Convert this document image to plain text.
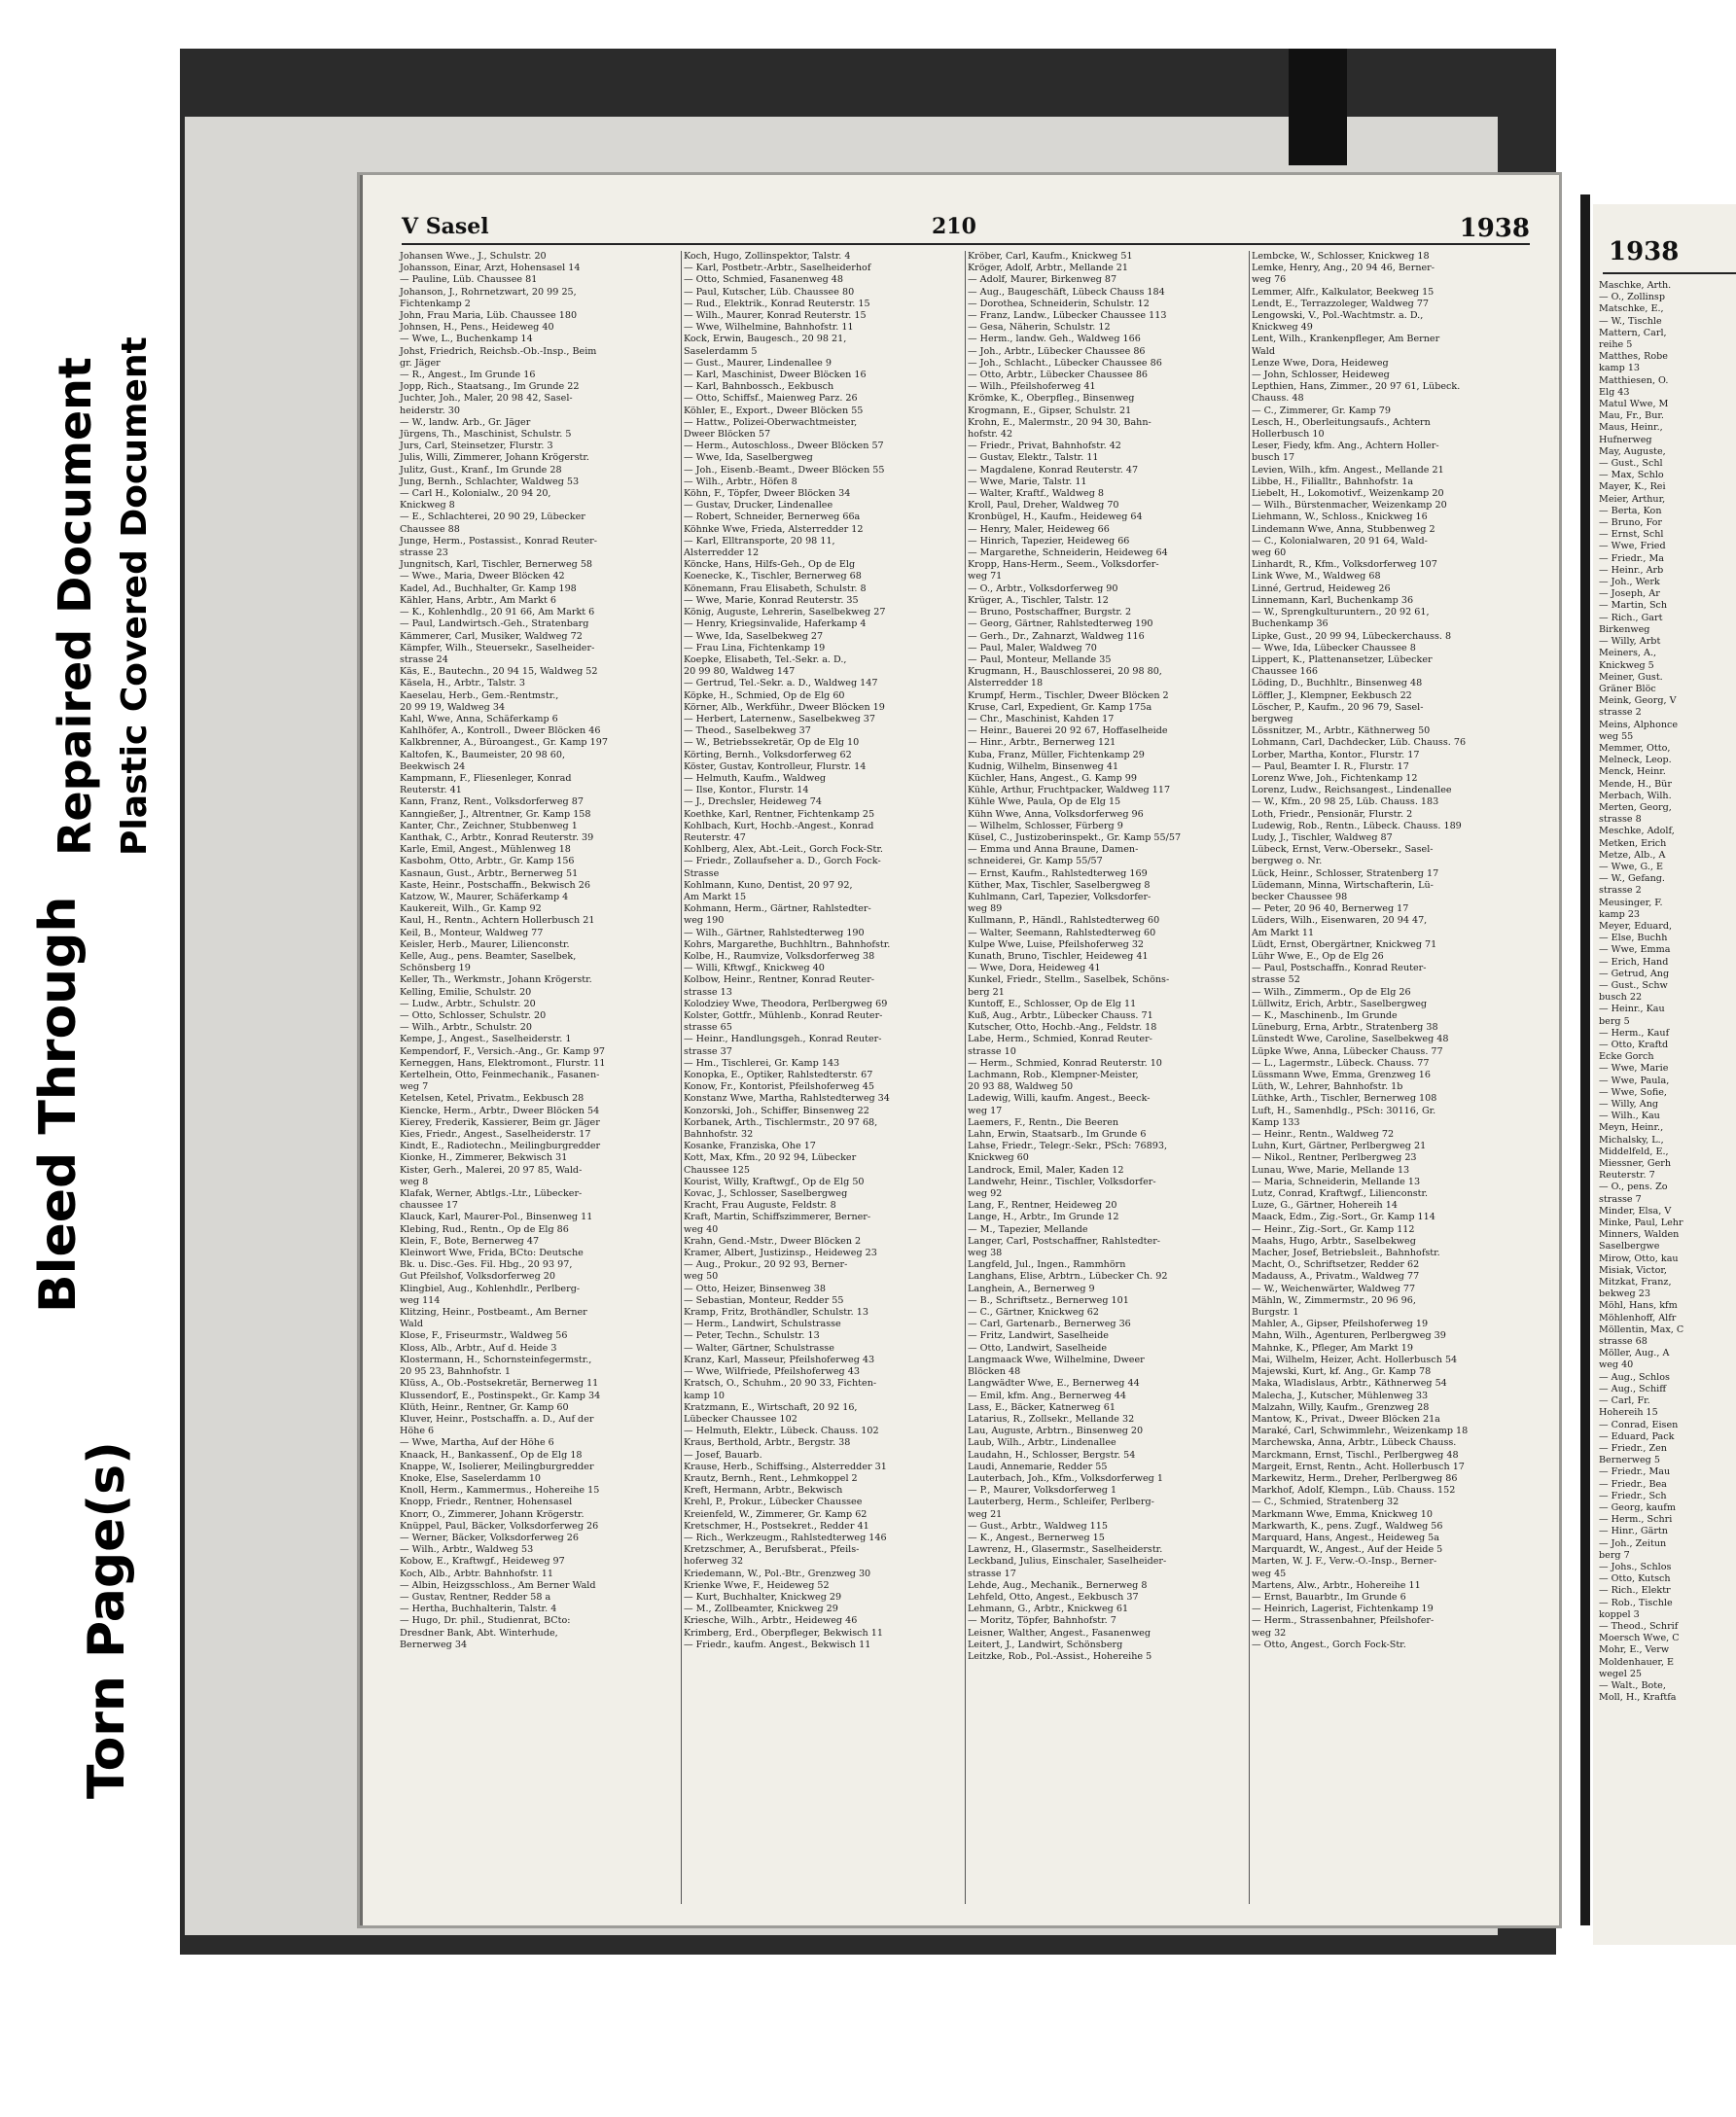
Bleed Through
Repaired Document Plastic Covered Document
Torn Page(s)
V Sasel	210	1938
Johansen Wwe., J., Schulstr. 20
Johansson, Einar, Arzt, Hohensasel 14
— Pauline, Lüb. Chaussee 81
Johanson, J., Rohrnetzwart, 20 99 25,
Fichtenkamp 2
John, Frau Maria, Lüb. Chaussee 180
Johnsen, H., Pens., Heideweg 40
— Wwe, L., Buchenkamp 14
Johst, Friedrich, Reichsb.-Ob.-Insp., Beim
gr. Jäger
— R., Angest., Im Grunde 16
Jopp, Rich., Staatsang., Im Grunde 22
Juchter, Joh., Maler, 20 98 42, Sasel-
heiderstr. 30
— W., landw. Arb., Gr. Jäger
Jürgens, Th., Maschinist, Schulstr. 5
Jurs, Carl, Steinsetzer, Flurstr. 3
Julis, Willi, Zimmerer, Johann Krögerstr.
Julitz, Gust., Kranf., Im Grunde 28
Jung, Bernh., Schlachter, Waldweg 53
— Carl H., Kolonialw., 20 94 20,
Knickweg 8
— E., Schlachterei, 20 90 29, Lübecker
Chaussee 88
Junge, Herm., Postassist., Konrad Reuter-
strasse 23
Jungnitsch, Karl, Tischler, Bernerweg 58
— Wwe., Maria, Dweer Blöcken 42
Kadel, Ad., Buchhalter, Gr. Kamp 198
Kähler, Hans, Arbtr., Am Markt 6
— K., Kohlenhdlg., 20 91 66, Am Markt 6
— Paul, Landwirtsch.-Geh., Stratenbarg
Kämmerer, Carl, Musiker, Waldweg 72
Kämpfer, Wilh., Steuersekr., Saselheider-
strasse 24
Käs, E., Bautechn., 20 94 15, Waldweg 52
Käsela, H., Arbtr., Talstr. 3
Kaeselau, Herb., Gem.-Rentmstr.,
20 99 19, Waldweg 34
Kahl, Wwe, Anna, Schäferkamp 6
Kahlhöfer, A., Kontroll., Dweer Blöcken 46
Kalkbrenner, A., Büroangest., Gr. Kamp 197
Kaltofen, K., Baumeister, 20 98 60,
Beekwisch 24
Kampmann, F., Fliesenleger, Konrad
Reuterstr. 41
Kann, Franz, Rent., Volksdorferweg 87
Kanngießer, J., Altrentner, Gr. Kamp 158
Kanter, Chr., Zeichner, Stubbenweg 1
Kanthak, C., Arbtr., Konrad Reuterstr. 39
Karle, Emil, Angest., Mühlenweg 18
Kasbohm, Otto, Arbtr., Gr. Kamp 156
Kasnaun, Gust., Arbtr., Bernerweg 51
Kaste, Heinr., Postschaffn., Bekwisch 26
Katzow, W., Maurer, Schäferkamp 4
Kaukereit, Wilh., Gr. Kamp 92
Kaul, H., Rentn., Achtern Hollerbusch 21
Keil, B., Monteur, Waldweg 77
Keisler, Herb., Maurer, Lilienconstr.
Kelle, Aug., pens. Beamter, Saselbek,
Schönsberg 19
Keller, Th., Werkmstr., Johann Krögerstr.
Kelling, Emilie, Schulstr. 20
— Ludw., Arbtr., Schulstr. 20
— Otto, Schlosser, Schulstr. 20
— Wilh., Arbtr., Schulstr. 20
Kempe, J., Angest., Saselheiderstr. 1
Kempendorf, F., Versich.-Ang., Gr. Kamp 97
Kerneggen, Hans, Elektromont., Flurstr. 11
Kertelhein, Otto, Feinmechanik., Fasanen-
weg 7
Ketelsen, Ketel, Privatm., Eekbusch 28
Kiencke, Herm., Arbtr., Dweer Blöcken 54
Kierey, Frederik, Kassierer, Beim gr. Jäger
Kies, Friedr., Angest., Saselheiderstr. 17
Kindt, E., Radiotechn., Meilingburgredder
Kionke, H., Zimmerer, Bekwisch 31
Kister, Gerh., Malerei, 20 97 85, Wald-
weg 8
Klafak, Werner, Abtlgs.-Ltr., Lübecker-
chaussee 17
Klauck, Karl, Maurer-Pol., Binsenweg 11
Klebing, Rud., Rentn., Op de Elg 86
Klein, F., Bote, Bernerweg 47
Kleinwort Wwe, Frida, BCto: Deutsche
Bk. u. Disc.-Ges. Fil. Hbg., 20 93 97,
Gut Pfeilshof, Volksdorferweg 20
Klingbiel, Aug., Kohlenhdlr., Perlberg-
weg 114
Klitzing, Heinr., Postbeamt., Am Berner
Wald
Klose, F., Friseurmstr., Waldweg 56
Kloss, Alb., Arbtr., Auf d. Heide 3
Klostermann, H., Schornsteinfegermstr.,
20 95 23, Bahnhofstr. 1
Klüss, A., Ob.-Postsekretär, Bernerweg 11
Klussendorf, E., Postinspekt., Gr. Kamp 34
Klüth, Heinr., Rentner, Gr. Kamp 60
Kluver, Heinr., Postschaffn. a. D., Auf der
Höhe 6
— Wwe, Martha, Auf der Höhe 6
Knaack, H., Bankassenf., Op de Elg 18
Knappe, W., Isolierer, Meilingburgredder
Knoke, Else, Saselerdamm 10
Knoll, Herm., Kammermus., Hohereihe 15
Knopp, Friedr., Rentner, Hohensasel
Knorr, O., Zimmerer, Johann Krögerstr.
Knüppel, Paul, Bäcker, Volksdorferweg 26
— Werner, Bäcker, Volksdorferweg 26
— Wilh., Arbtr., Waldweg 53
Kobow, E., Kraftwgf., Heideweg 97
Koch, Alb., Arbtr. Bahnhofstr. 11
— Albin, Heizgsschloss., Am Berner Wald
— Gustav, Rentner, Redder 58 a
— Hertha, Buchhalterin, Talstr. 4
— Hugo, Dr. phil., Studienrat, BCto:
Dresdner Bank, Abt. Winterhude,
Bernerweg 34
Koch, Hugo, Zollinspektor, Talstr. 4
— Karl, Postbetr.-Arbtr., Saselheiderhof
— Otto, Schmied, Fasanenweg 48
— Paul, Kutscher, Lüb. Chaussee 80
— Rud., Elektrik., Konrad Reuterstr. 15
— Wilh., Maurer, Konrad Reuterstr. 15
— Wwe, Wilhelmine, Bahnhofstr. 11
Kock, Erwin, Baugesch., 20 98 21,
Saselerdamm 5
— Gust., Maurer, Lindenallee 9
— Karl, Maschinist, Dweer Blöcken 16
— Karl, Bahnbossch., Eekbusch
— Otto, Schiffsf., Maienweg Parz. 26
Köhler, E., Export., Dweer Blöcken 55
— Hattw., Polizei-Oberwachtmeister,
Dweer Blöcken 57
— Herm., Autoschloss., Dweer Blöcken 57
— Wwe, Ida, Saselbergweg
— Joh., Eisenb.-Beamt., Dweer Blöcken 55
— Wilh., Arbtr., Höfen 8
Köhn, F., Töpfer, Dweer Blöcken 34
— Gustav, Drucker, Lindenallee
— Robert, Schneider, Bernerweg 66a
Köhnke Wwe, Frieda, Alsterredder 12
— Karl, Elltransporte, 20 98 11,
Alsterredder 12
Köncke, Hans, Hilfs-Geh., Op de Elg
Koenecke, K., Tischler, Bernerweg 68
Könemann, Frau Elisabeth, Schulstr. 8
— Wwe, Marie, Konrad Reuterstr. 35
König, Auguste, Lehrerin, Saselbekweg 27
— Henry, Kriegsinvalide, Haferkamp 4
— Wwe, Ida, Saselbekweg 27
— Frau Lina, Fichtenkamp 19
Koepke, Elisabeth, Tel.-Sekr. a. D.,
20 99 80, Waldweg 147
— Gertrud, Tel.-Sekr. a. D., Waldweg 147
Köpke, H., Schmied, Op de Elg 60
Körner, Alb., Werkführ., Dweer Blöcken 19
— Herbert, Laternenw., Saselbekweg 37
— Theod., Saselbekweg 37
— W., Betriebssekretär, Op de Elg 10
Körting, Bernh., Volksdorferweg 62
Köster, Gustav, Kontrolleur, Flurstr. 14
— Helmuth, Kaufm., Waldweg
— Ilse, Kontor., Flurstr. 14
— J., Drechsler, Heideweg 74
Koethke, Karl, Rentner, Fichtenkamp 25
Kohlbach, Kurt, Hochb.-Angest., Konrad
Reuterstr. 47
Kohlberg, Alex, Abt.-Leit., Gorch Fock-Str.
— Friedr., Zollaufseher a. D., Gorch Fock-
Strasse
Kohlmann, Kuno, Dentist, 20 97 92,
Am Markt 15
Kohmann, Herm., Gärtner, Rahlstedter-
weg 190
— Wilh., Gärtner, Rahlstedterweg 190
Kohrs, Margarethe, Buchhltrn., Bahnhofstr.
Kolbe, H., Raumvize, Volksdorferweg 38
— Willi, Kftwgf., Knickweg 40
Kolbow, Heinr., Rentner, Konrad Reuter-
strasse 13
Kolodziey Wwe, Theodora, Perlbergweg 69
Kolster, Gottfr., Mühlenb., Konrad Reuter-
strasse 65
— Heinr., Handlungsgeh., Konrad Reuter-
strasse 37
— Hm., Tischlerei, Gr. Kamp 143
Konopka, E., Optiker, Rahlstedterstr. 67
Konow, Fr., Kontorist, Pfeilshoferweg 45
Konstanz Wwe, Martha, Rahlstedterweg 34
Konzorski, Joh., Schiffer, Binsenweg 22
Korbanek, Arth., Tischlermstr., 20 97 68,
Bahnhofstr. 32
Kosanke, Franziska, Ohe 17
Kott, Max, Kfm., 20 92 94, Lübecker
Chaussee 125
Kourist, Willy, Kraftwgf., Op de Elg 50
Kovac, J., Schlosser, Saselbergweg
Kracht, Frau Auguste, Feldstr. 8
Kraft, Martin, Schiffszimmerer, Berner-
weg 40
Krahn, Gend.-Mstr., Dweer Blöcken 2
Kramer, Albert, Justizinsp., Heideweg 23
— Aug., Prokur., 20 92 93, Berner-
weg 50
— Otto, Heizer, Binsenweg 38
— Sebastian, Monteur, Redder 55
Kramp, Fritz, Brothändler, Schulstr. 13
— Herm., Landwirt, Schulstrasse
— Peter, Techn., Schulstr. 13
— Walter, Gärtner, Schulstrasse
Kranz, Karl, Masseur, Pfeilshoferweg 43
— Wwe, Wilfriede, Pfeilshoferweg 43
Kratsch, O., Schuhm., 20 90 33, Fichten-
kamp 10
Kratzmann, E., Wirtschaft, 20 92 16,
Lübecker Chaussee 102
— Helmuth, Elektr., Lübeck. Chauss. 102
Kraus, Berthold, Arbtr., Bergstr. 38
— Josef, Bauarb.
Krause, Herb., Schiffsing., Alsterredder 31
Krautz, Bernh., Rent., Lehmkoppel 2
Kreft, Hermann, Arbtr., Bekwisch
Krehl, P., Prokur., Lübecker Chaussee
Kreienfeld, W., Zimmerer, Gr. Kamp 62
Kretschmer, H., Postsekret., Redder 41
— Rich., Werkzeugm., Rahlstedterweg 146
Kretzschmer, A., Berufsberat., Pfeils-
hoferweg 32
Kriedemann, W., Pol.-Btr., Grenzweg 30
Krienke Wwe, F., Heideweg 52
— Kurt, Buchhalter, Knickweg 29
— M., Zollbeamter, Knickweg 29
Kriesche, Wilh., Arbtr., Heideweg 46
Krimberg, Erd., Oberpfleger, Bekwisch 11
— Friedr., kaufm. Angest., Bekwisch 11
Kröber, Carl, Kaufm., Knickweg 51
Kröger, Adolf, Arbtr., Mellande 21
— Adolf, Maurer, Birkenweg 87
— Aug., Baugeschäft, Lübeck Chauss 184
— Dorothea, Schneiderin, Schulstr. 12
— Franz, Landw., Lübecker Chaussee 113
— Gesa, Näherin, Schulstr. 12
— Herm., landw. Geh., Waldweg 166
— Joh., Arbtr., Lübecker Chaussee 86
— Joh., Schlacht., Lübecker Chaussee 86
— Otto, Arbtr., Lübecker Chaussee 86
— Wilh., Pfeilshoferweg 41
Krömke, K., Oberpfleg., Binsenweg
Krogmann, E., Gipser, Schulstr. 21
Krohn, E., Malermstr., 20 94 30, Bahn-
hofstr. 42
— Friedr., Privat, Bahnhofstr. 42
— Gustav, Elektr., Talstr. 11
— Magdalene, Konrad Reuterstr. 47
— Wwe, Marie, Talstr. 11
— Walter, Kraftf., Waldweg 8
Kroll, Paul, Dreher, Waldweg 70
Kronbügel, H., Kaufm., Heideweg 64
— Henry, Maler, Heideweg 66
— Hinrich, Tapezier, Heideweg 66
— Margarethe, Schneiderin, Heideweg 64
Kropp, Hans-Herm., Seem., Volksdorfer-
weg 71
— O., Arbtr., Volksdorferweg 90
Krüger, A., Tischler, Talstr. 12
— Bruno, Postschaffner, Burgstr. 2
— Georg, Gärtner, Rahlstedterweg 190
— Gerh., Dr., Zahnarzt, Waldweg 116
— Paul, Maler, Waldweg 70
— Paul, Monteur, Mellande 35
Krugmann, H., Bauschlosserei, 20 98 80,
Alsterredder 18
Krumpf, Herm., Tischler, Dweer Blöcken 2
Kruse, Carl, Expedient, Gr. Kamp 175a
— Chr., Maschinist, Kahden 17
— Heinr., Bauerei 20 92 67, Hoffaselheide
— Hinr., Arbtr., Bernerweg 121
Kuba, Franz, Müller, Fichtenkamp 29
Kudnig, Wilhelm, Binsenweg 41
Küchler, Hans, Angest., G. Kamp 99
Kühle, Arthur, Fruchtpacker, Waldweg 117
Kühle Wwe, Paula, Op de Elg 15
Kühn Wwe, Anna, Volksdorferweg 96
— Wilhelm, Schlosser, Fürberg 9
Küsel, C., Justizoberinspekt., Gr. Kamp 55/57
— Emma und Anna Braune, Damen-
schneiderei, Gr. Kamp 55/57
— Ernst, Kaufm., Rahlstedterweg 169
Küther, Max, Tischler, Saselbergweg 8
Kuhlmann, Carl, Tapezier, Volksdorfer-
weg 89
Kullmann, P., Händl., Rahlstedterweg 60
— Walter, Seemann, Rahlstedterweg 60
Kulpe Wwe, Luise, Pfeilshoferweg 32
Kunath, Bruno, Tischler, Heideweg 41
— Wwe, Dora, Heideweg 41
Kunkel, Friedr., Stellm., Saselbek, Schöns-
berg 21
Kuntoff, E., Schlosser, Op de Elg 11
Kuß, Aug., Arbtr., Lübecker Chauss. 71
Kutscher, Otto, Hochb.-Ang., Feldstr. 18
Labe, Herm., Schmied, Konrad Reuter-
strasse 10
— Herm., Schmied, Konrad Reuterstr. 10
Lachmann, Rob., Klempner-Meister,
20 93 88, Waldweg 50
Ladewig, Willi, kaufm. Angest., Beeck-
weg 17
Laemers, F., Rentn., Die Beeren
Lahn, Erwin, Staatsarb., Im Grunde 6
Lahse, Friedr., Telegr.-Sekr., PSch: 76893,
Knickweg 60
Landrock, Emil, Maler, Kaden 12
Landwehr, Heinr., Tischler, Volksdorfer-
weg 92
Lang, F., Rentner, Heideweg 20
Lange, H., Arbtr., Im Grunde 12
— M., Tapezier, Mellande
Langer, Carl, Postschaffner, Rahlstedter-
weg 38
Langfeld, Jul., Ingen., Rammhörn
Langhans, Elise, Arbtrn., Lübecker Ch. 92
Langhein, A., Bernerweg 9
— B., Schriftsetz., Bernerweg 101
— C., Gärtner, Knickweg 62
— Carl, Gartenarb., Bernerweg 36
— Fritz, Landwirt, Saselheide
— Otto, Landwirt, Saselheide
Langmaack Wwe, Wilhelmine, Dweer
Blöcken 48
Langwädter Wwe, E., Bernerweg 44
— Emil, kfm. Ang., Bernerweg 44
Lass, E., Bäcker, Katnerweg 61
Latarius, R., Zollsekr., Mellande 32
Lau, Auguste, Arbtrn., Binsenweg 20
Laub, Wilh., Arbtr., Lindenallee
Laudahn, H., Schlosser, Bergstr. 54
Laudi, Annemarie, Redder 55
Lauterbach, Joh., Kfm., Volksdorferweg 1
— P., Maurer, Volksdorferweg 1
Lauterberg, Herm., Schleifer, Perlberg-
weg 21
— Gust., Arbtr., Waldweg 115
— K., Angest., Bernerweg 15
Lawrenz, H., Glasermstr., Saselheiderstr.
Leckband, Julius, Einschaler, Saselheider-
strasse 17
Lehde, Aug., Mechanik., Bernerweg 8
Lehfeld, Otto, Angest., Eekbusch 37
Lehmann, G., Arbtr., Knickweg 61
— Moritz, Töpfer, Bahnhofstr. 7
Leisner, Walther, Angest., Fasanenweg
Leitert, J., Landwirt, Schönsberg
Leitzke, Rob., Pol.-Assist., Hohereihe 5
Lembcke, W., Schlosser, Knickweg 18
Lemke, Henry, Ang., 20 94 46, Berner-
weg 76
Lemmer, Alfr., Kalkulator, Beekweg 15
Lendt, E., Terrazzoleger, Waldweg 77
Lengowski, V., Pol.-Wachtmstr. a. D.,
Knickweg 49
Lent, Wilh., Krankenpfleger, Am Berner
Wald
Lenze Wwe, Dora, Heideweg
— John, Schlosser, Heideweg
Lepthien, Hans, Zimmer., 20 97 61, Lübeck.
Chauss. 48
— C., Zimmerer, Gr. Kamp 79
Lesch, H., Oberleitungsaufs., Achtern
Hollerbusch 10
Leser, Fiedy, kfm. Ang., Achtern Holler-
busch 17
Levien, Wilh., kfm. Angest., Mellande 21
Libbe, H., Filialltr., Bahnhofstr. 1a
Liebelt, H., Lokomotivf., Weizenkamp 20
— Wilh., Bürstenmacher, Weizenkamp 20
Liehmann, W., Schloss., Knickweg 16
Lindemann Wwe, Anna, Stubbenweg 2
— C., Kolonialwaren, 20 91 64, Wald-
weg 60
Linhardt, R., Kfm., Volksdorferweg 107
Link Wwe, M., Waldweg 68
Linné, Gertrud, Heideweg 26
Linnemann, Karl, Buchenkamp 36
— W., Sprengkulturuntern., 20 92 61,
Buchenkamp 36
Lipke, Gust., 20 99 94, Lübeckerchauss. 8
— Wwe, Ida, Lübecker Chaussee 8
Lippert, K., Plattenansetzer, Lübecker
Chaussee 166
Löding, D., Buchhltr., Binsenweg 48
Löffler, J., Klempner, Eekbusch 22
Löscher, P., Kaufm., 20 96 79, Sasel-
bergweg
Lössnitzer, M., Arbtr., Käthnerweg 50
Lohmann, Carl, Dachdecker, Lüb. Chauss. 76
Lorber, Martha, Kontor., Flurstr. 17
— Paul, Beamter I. R., Flurstr. 17
Lorenz Wwe, Joh., Fichtenkamp 12
Lorenz, Ludw., Reichsangest., Lindenallee
— W., Kfm., 20 98 25, Lüb. Chauss. 183
Loth, Friedr., Pensionär, Flurstr. 2
Ludewig, Rob., Rentn., Lübeck. Chauss. 189
Ludy, J., Tischler, Waldweg 87
Lübeck, Ernst, Verw.-Obersekr., Sasel-
bergweg o. Nr.
Lück, Heinr., Schlosser, Stratenberg 17
Lüdemann, Minna, Wirtschafterin, Lü-
becker Chaussee 98
— Peter, 20 96 40, Bernerweg 17
Lüders, Wilh., Eisenwaren, 20 94 47,
Am Markt 11
Lüdt, Ernst, Obergärtner, Knickweg 71
Lühr Wwe, E., Op de Elg 26
— Paul, Postschaffn., Konrad Reuter-
strasse 52
— Wilh., Zimmerm., Op de Elg 26
Lüllwitz, Erich, Arbtr., Saselbergweg
— K., Maschinenb., Im Grunde
Lüneburg, Erna, Arbtr., Stratenberg 38
Lünstedt Wwe, Caroline, Saselbekweg 48
Lüpke Wwe, Anna, Lübecker Chauss. 77
— L., Lagermstr., Lübeck. Chauss. 77
Lüssmann Wwe, Emma, Grenzweg 16
Lüth, W., Lehrer, Bahnhofstr. 1b
Lüthke, Arth., Tischler, Bernerweg 108
Luft, H., Samenhdlg., PSch: 30116, Gr.
Kamp 133
— Heinr., Rentn., Waldweg 72
Luhn, Kurt, Gärtner, Perlbergweg 21
— Nikol., Rentner, Perlbergweg 23
Lunau, Wwe, Marie, Mellande 13
— Maria, Schneiderin, Mellande 13
Lutz, Conrad, Kraftwgf., Lilienconstr.
Luze, G., Gärtner, Hohereih 14
Maack, Edm., Zig.-Sort., Gr. Kamp 114
— Heinr., Zig.-Sort., Gr. Kamp 112
Maahs, Hugo, Arbtr., Saselbekweg
Macher, Josef, Betriebsleit., Bahnhofstr.
Macht, O., Schriftsetzer, Redder 62
Madauss, A., Privatm., Waldweg 77
— W., Weichenwärter, Waldweg 77
Mähln, W., Zimmermstr., 20 96 96,
Burgstr. 1
Mahler, A., Gipser, Pfeilshoferweg 19
Mahn, Wilh., Agenturen, Perlbergweg 39
Mahnke, K., Pfleger, Am Markt 19
Mai, Wilhelm, Heizer, Acht. Hollerbusch 54
Majewski, Kurt, kf. Ang., Gr. Kamp 78
Maka, Wladislaus, Arbtr., Käthnerweg 54
Malecha, J., Kutscher, Mühlenweg 33
Malzahn, Willy, Kaufm., Grenzweg 28
Mantow, K., Privat., Dweer Blöcken 21a
Maraké, Carl, Schwimmlehr., Weizenkamp 18
Marchewska, Anna, Arbtr., Lübeck Chauss.
Marckmann, Ernst, Tischl., Perlbergweg 48
Margeit, Ernst, Rentn., Acht. Hollerbusch 17
Markewitz, Herm., Dreher, Perlbergweg 86
Markhof, Adolf, Klempn., Lüb. Chauss. 152
— C., Schmied, Stratenberg 32
Markmann Wwe, Emma, Knickweg 10
Markwarth, K., pens. Zugf., Waldweg 56
Marquard, Hans, Angest., Heideweg 5a
Marquardt, W., Angest., Auf der Heide 5
Marten, W. J. F., Verw.-O.-Insp., Berner-
weg 45
Martens, Alw., Arbtr., Hohereihe 11
— Ernst, Bauarbtr., Im Grunde 6
— Heinrich, Lagerist, Fichtenkamp 19
— Herm., Strassenbahner, Pfeilshofer-
weg 32
— Otto, Angest., Gorch Fock-Str.
1938
Maschke, Arth.
— O., Zollinsp
Matschke, E.,
— W., Tischle
Mattern, Carl,
reihe 5
Matthes, Robe
kamp 13
Matthiesen, O.
Elg 43
Matul Wwe, M
Mau, Fr., Bur.
Maus, Heinr.,
Hufnerweg
May, Auguste,
— Gust., Schl
— Max, Schlo
Mayer, K., Rei
Meier, Arthur,
— Berta, Kon
— Bruno, For
— Ernst, Schl
— Wwe, Fried
— Friedr., Ma
— Heinr., Arb
— Joh., Werk
— Joseph, Ar
— Martin, Sch
— Rich., Gart
Birkenweg
— Willy, Arbt
Meiners, A.,
Knickweg 5
Meiner, Gust.
Gräner Blöc
Meink, Georg, V
strasse 2
Meins, Alphonce
weg 55
Memmer, Otto,
Melneck, Leop.
Menck, Heinr.
Mende, H., Bür
Merbach, Wilh.
Merten, Georg,
strasse 8
Meschke, Adolf,
Metken, Erich
Metze, Alb., A
— Wwe, G., E
— W., Gefang.
strasse 2
Meusinger, F.
kamp 23
Meyer, Eduard,
— Else, Buchh
— Wwe, Emma
— Erich, Hand
— Getrud, Ang
— Gust., Schw
busch 22
— Heinr., Kau
berg 5
— Herm., Kauf
— Otto, Kraftd
Ecke Gorch
— Wwe, Marie
— Wwe, Paula,
— Wwe, Sofie,
— Willy, Ang
— Wilh., Kau
Meyn, Heinr.,
Michalsky, L.,
Middelfeld, E.,
Miessner, Gerh
Reuterstr. 7
— O., pens. Zo
strasse 7
Minder, Elsa, V
Minke, Paul, Lehr
Minners, Walden
Saselbergwe
Mirow, Otto, kau
Misiak, Victor,
Mitzkat, Franz,
bekweg 23
Möhl, Hans, kfm
Möhlenhoff, Alfr
Möllentin, Max, C
strasse 68
Möller, Aug., A
weg 40
— Aug., Schlos
— Aug., Schiff
— Carl, Fr.
Hohereih 15
— Conrad, Eisen
— Eduard, Pack
— Friedr., Zen
Bernerweg 5
— Friedr., Mau
— Friedr., Bea
— Friedr., Sch
— Georg, kaufm
— Herm., Schri
— Hinr., Gärtn
— Joh., Zeitun
berg 7
— Johs., Schlos
— Otto, Kutsch
— Rich., Elektr
— Rob., Tischle
koppel 3
— Theod., Schrif
Moersch Wwe, C
Mohr, E., Verw
Moldenhauer, E
wegel 25
— Walt., Bote,
Moll, H., Kraftfa
